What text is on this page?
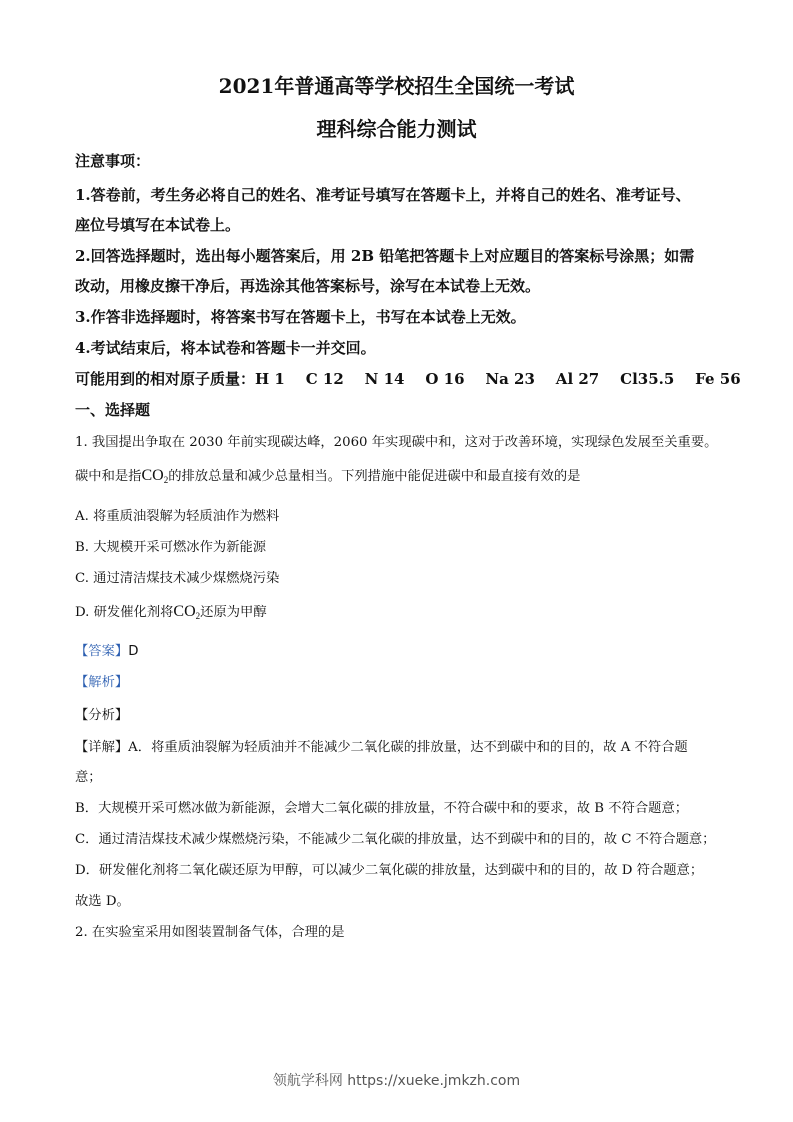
2021年普通高等学校招生全国统一考试
理科综合能力测试
注意事项：
1.答卷前，考生务必将自己的姓名、准考证号填写在答题卡上，并将自己的姓名、准考证号、
座位号填写在本试卷上。
2.回答选择题时，选出每小题答案后，用 2B 铅笔把答题卡上对应题目的答案标号涂黑；如需
改动，用橡皮擦干净后，再选涂其他答案标号，涂写在本试卷上无效。
3.作答非选择题时，将答案书写在答题卡上，书写在本试卷上无效。
4.考试结束后，将本试卷和答题卡一并交回。
可能用到的相对原子质量：H 1    C 12    N 14    O 16    Na 23    Al 27    Cl35.5    Fe 56
一、选择题
1. 我国提出争取在 2030 年前实现碳达峰，2060 年实现碳中和，这对于改善环境，实现绿色发展至关重要。
碳中和是指$CO_2$的排放总量和减少总量相当。下列措施中能促进碳中和最直接有效的是
A. 将重质油裂解为轻质油作为燃料
B. 大规模开采可燃冰作为新能源
C. 通过清洁煤技术减少煤燃烧污染
D. 研发催化剂将$CO_2$还原为甲醇
【答案】D
【解析】
【分析】
【详解】A．将重质油裂解为轻质油并不能减少二氧化碳的排放量，达不到碳中和的目的，故 A 不符合题
意；
B．大规模开采可燃冰做为新能源，会增大二氧化碳的排放量，不符合碳中和的要求，故 B 不符合题意；
C．通过清洁煤技术减少煤燃烧污染，不能减少二氧化碳的排放量，达不到碳中和的目的，故 C 不符合题意；
D．研发催化剂将二氧化碳还原为甲醇，可以减少二氧化碳的排放量，达到碳中和的目的，故 D 符合题意；
故选 D。
2. 在实验室采用如图装置制备气体，合理的是
领航学科网 https://xueke.jmkzh.com
